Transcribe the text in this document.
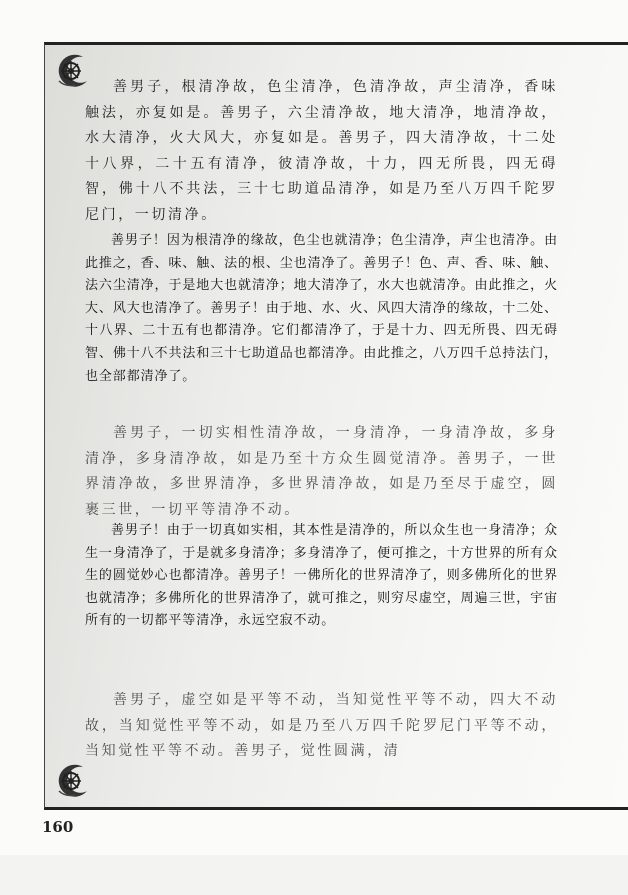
善男子，根清净故，色尘清净，色清净故，声尘清净，香味触法，亦复如是。善男子，六尘清净故，地大清净，地清净故，水大清净，火大风大，亦复如是。善男子，四大清净故，十二处十八界，二十五有清净，彼清净故，十力，四无所畏，四无碍智，佛十八不共法，三十七助道品清净，如是乃至八万四千陀罗尼门，一切清净。

善男子！因为根清净的缘故，色尘也就清净；色尘清净，声尘也清净。由此推之，香、味、触、法的根、尘也清净了。善男子！色、声、香、味、触、法六尘清净，于是地大也就清净；地大清净了，水大也就清净。由此推之，火大、风大也清净了。善男子！由于地、水、火、风四大清净的缘故，十二处、十八界、二十五有也都清净。它们都清净了，于是十力、四无所畏、四无碍智、佛十八不共法和三十七助道品也都清净。由此推之，八万四千总持法门，也全部都清净了。

善男子，一切实相性清净故，一身清净，一身清净故，多身清净，多身清净故，如是乃至十方众生圆觉清净。善男子，一世界清净故，多世界清净，多世界清净故，如是乃至尽于虚空，圆裹三世，一切平等清净不动。

善男子！由于一切真如实相，其本性是清净的，所以众生也一身清净；众生一身清净了，于是就多身清净；多身清净了，便可推之，十方世界的所有众生的圆觉妙心也都清净。善男子！一佛所化的世界清净了，则多佛所化的世界也就清净；多佛所化的世界清净了，就可推之，则穷尽虚空，周遍三世，宇宙所有的一切都平等清净，永远空寂不动。

善男子，虚空如是平等不动，当知觉性平等不动，四大不动故，当知觉性平等不动，如是乃至八万四千陀罗尼门平等不动，当知觉性平等不动。善男子，觉性圆满，清

160
